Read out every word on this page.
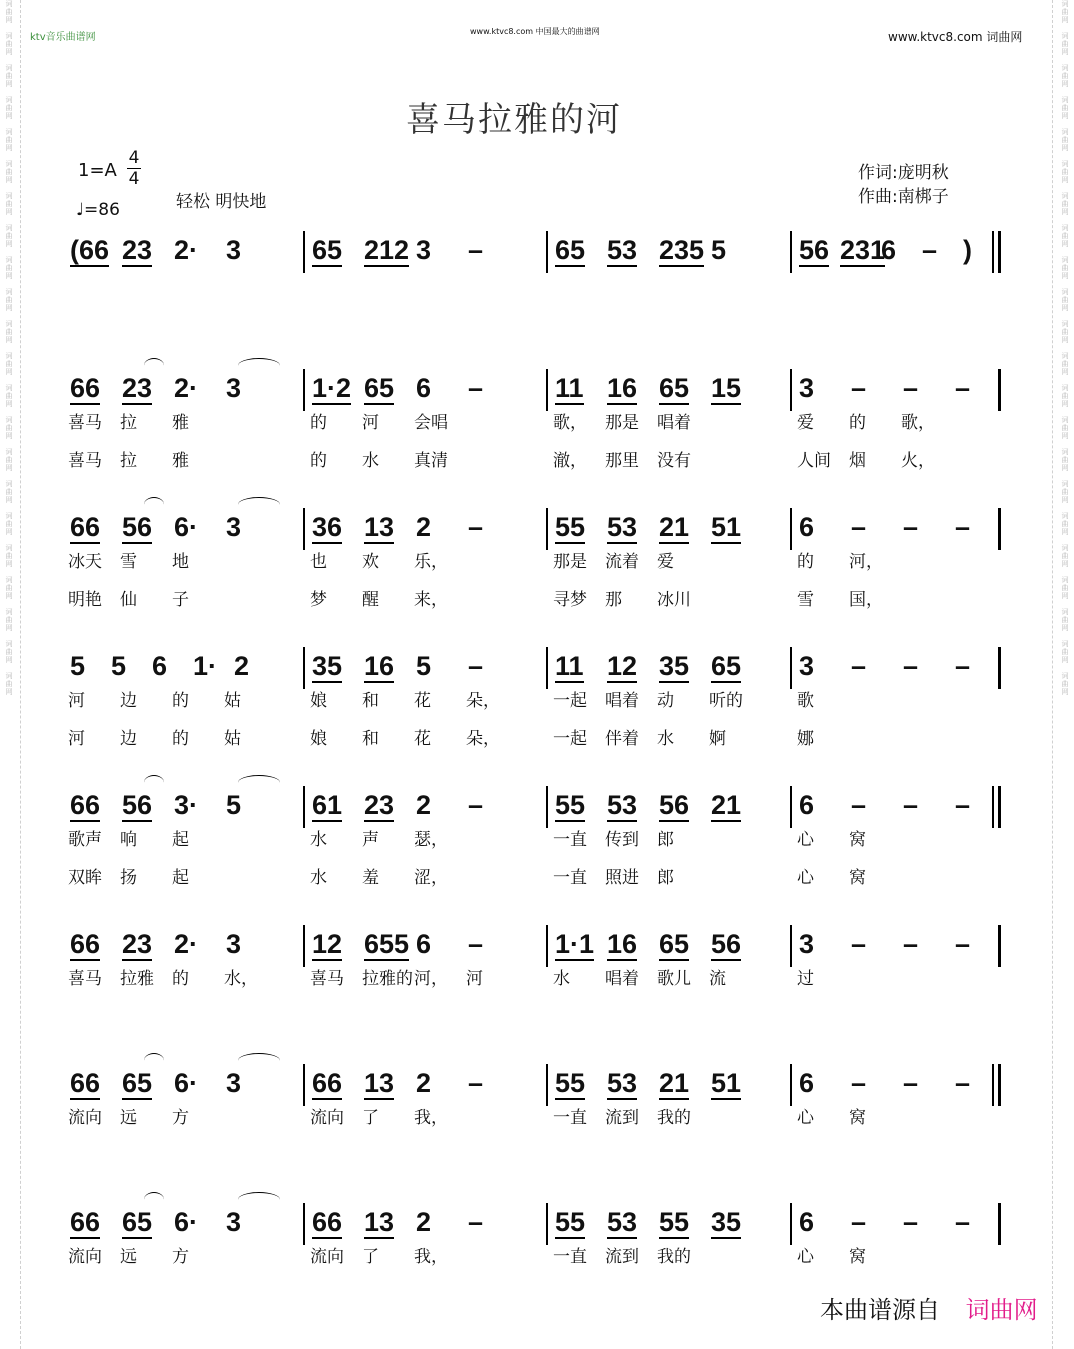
词
曲
网

词
曲
网

词
曲
网

词
曲
网

词
曲
网

词
曲
网

词
曲
网

词
曲
网

词
曲
网

词
曲
网

词
曲
网

词
曲
网

词
曲
网

词
曲
网

词
曲
网

词
曲
网

词
曲
网

词
曲
网

词
曲
网

词
曲
网

词
曲
网

词
曲
网

词
曲
网

词
曲
网

词
曲
网

词
曲
网

词
曲
网

词
曲
网

词
曲
网

词
曲
网

词
曲
网

词
曲
网

词
曲
网

词
曲
网

词
曲
网

词
曲
网

词
曲
网

词
曲
网

词
曲
网

词
曲
网

词
曲
网

词
曲
网

词
曲
网

词
曲
网

ktv音乐曲谱网
www.ktvc8.com 中国最大的曲谱网	www.ktvc8.com 词曲网
喜马拉雅的河
1=A
4
4
♩=86	轻松 明快地
作词:庞明秋
作曲:南梆子
(66 23 2· 3	65 212 3 –	65 53 235 5	56 231
6 – )
66 23 2· 3	1·2 65 6 –	11 16 65 15 3 – – –
喜马 拉 雅	的 河 会唱	歌， 那是 唱着	爱 的 歌，
喜马 拉 雅	的 水 真清	澈， 那里 没有	人间 烟 火，
66 56 6· 3	36 13 2 –	55 53 21 51 6 – – –
冰天 雪 地	也 欢 乐，	那是 流着 爱	的 河，
明艳 仙 子	梦 醒 来，	寻梦 那 冰川	雪 国，
5 5 6 1· 2 35 16 5 –	11 12 35 65 3 – – –
河 边 的 姑	娘 和 花 朵，	一起 唱着 动 听的	歌
河 边 的 姑	娘 和 花 朵，	一起 伴着 水 婀	娜
66 56 3· 5	61 23 2 –	55 53 56 21 6 – – –
歌声 响 起	水 声 瑟，	一直 传到 郎	心 窝
双眸 扬 起	水 羞 涩，	一直 照进 郎	心 窝
66 23 2· 3	12 655 6 –	1·1 16 65 56 3 – – –
喜马 拉雅 的 水，	喜马 拉雅的 河， 河	水 唱着 歌儿 流	过
66 65 6· 3	66 13 2 –	55 53 21 51 6 – – –
流向 远 方	流向 了 我，	一直 流到 我的	心 窝
66 65 6· 3	66 13 2 –	55 53 55 35 6 – – –
流向 远 方	流向 了 我，	一直 流到 我的	心 窝
本曲谱源自 词曲网
